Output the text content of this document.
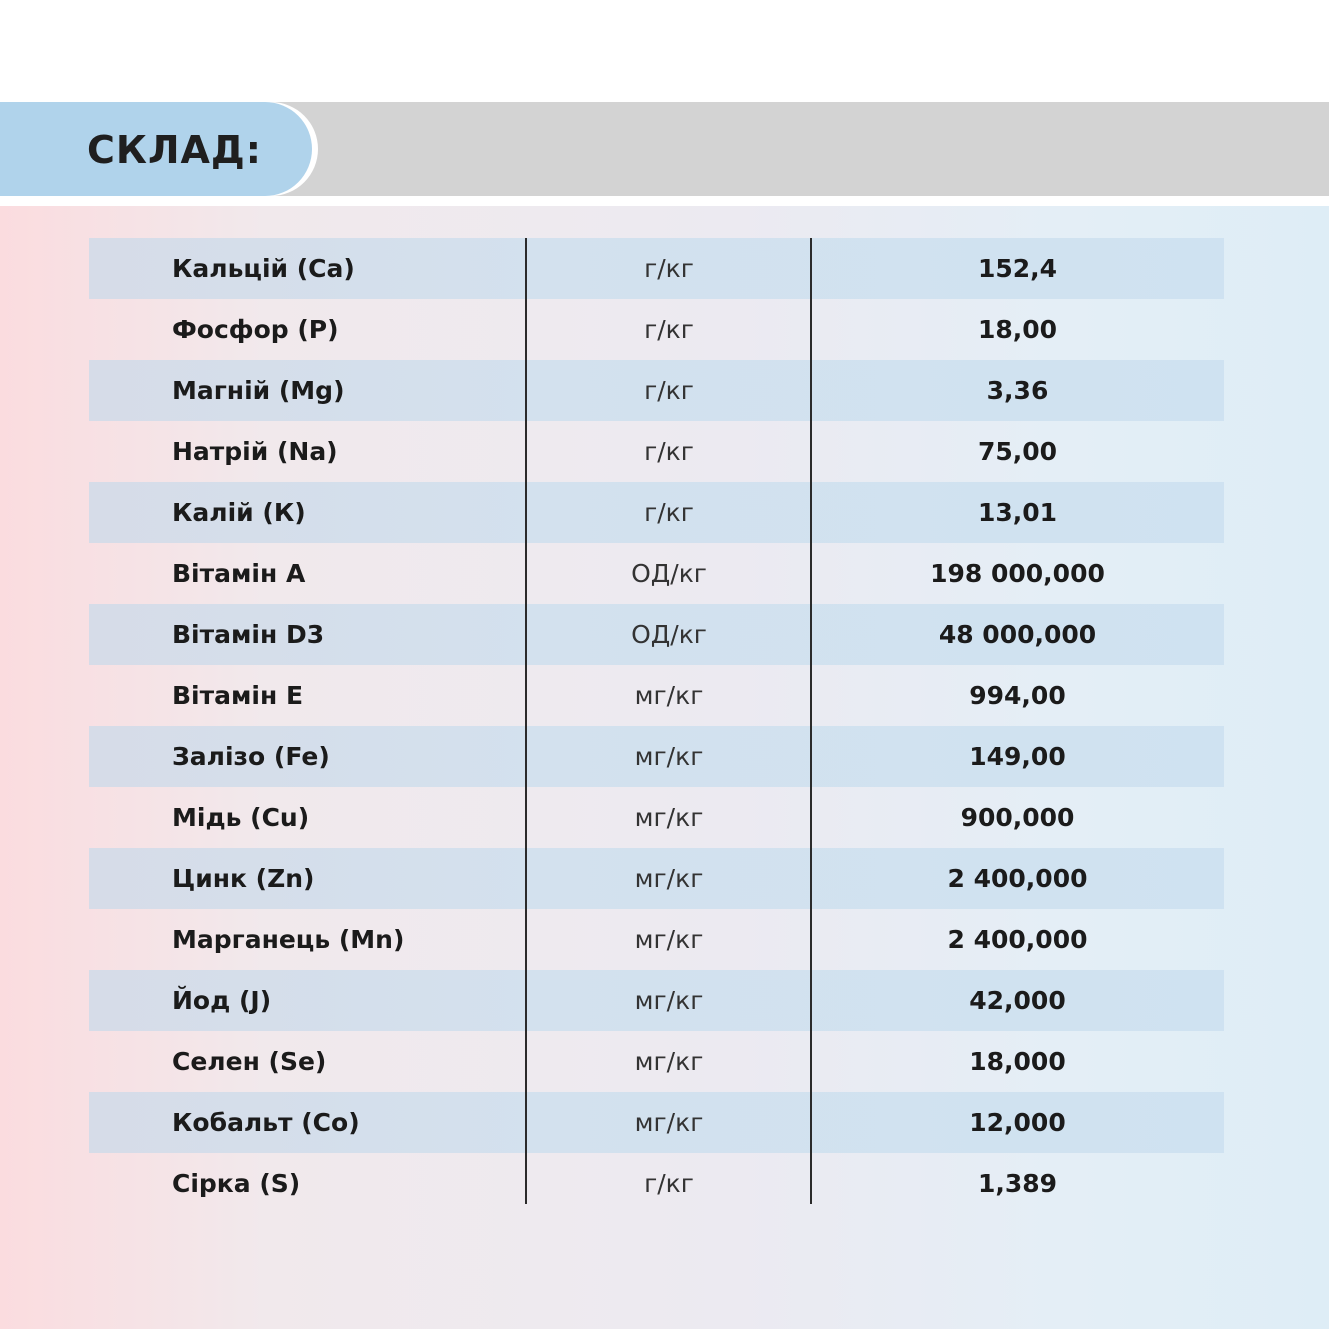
СКЛАД:
Кальцій (Ca)	г/кг	152,4
Фосфор (Р)	г/кг	18,00
Магній (Mg)	г/кг	3,36
Натрій (Na)	г/кг	75,00
Калій (К)	г/кг	13,01
Вітамін А	ОД/кг	198 000,000
Вітамін D3	ОД/кг	48 000,000
Вітамін Е	мг/кг	994,00
Залізо (Fe)	мг/кг	149,00
Мідь (Cu)	мг/кг	900,000
Цинк (Zn)	мг/кг	2 400,000
Марганець (Mn)	мг/кг	2 400,000
Йод (J)	мг/кг	42,000
Селен (Se)	мг/кг	18,000
Кобальт (Co)	мг/кг	12,000
Сірка (S)	г/кг	1,389
